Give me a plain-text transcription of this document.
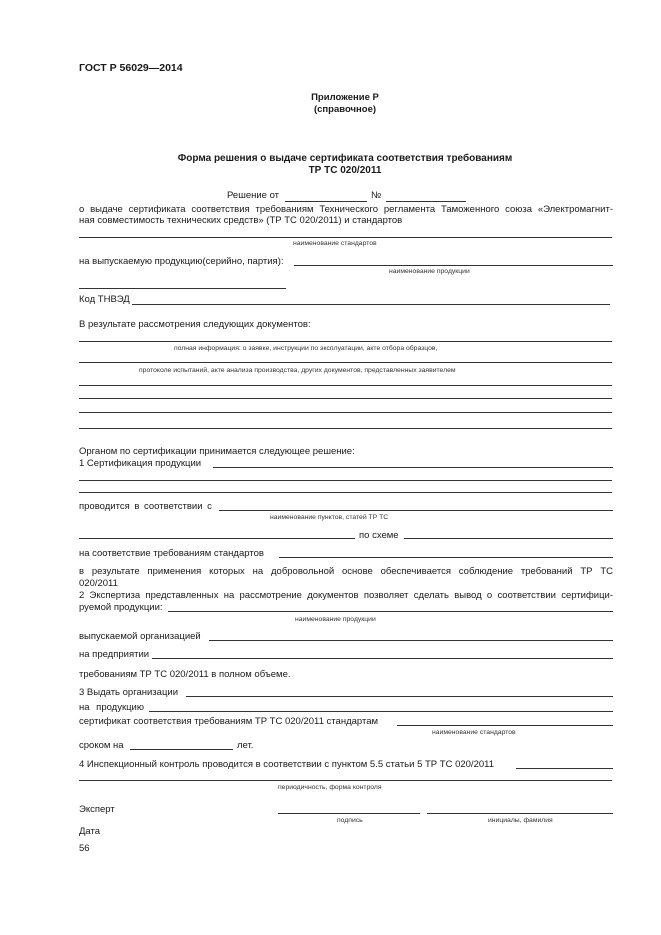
ГОСТ Р 56029—2014
Приложение Р
(справочное)
Форма решения о выдаче сертификата соответствия требованиям
ТР ТС 020/2011
Решение от	№
о выдаче сертификата соответствия требованиям Технического регламента Таможенного союза «Электромагнит-
ная совместимость технических средств» (ТР ТС 020/2011) и стандартов
наименование стандартов
на выпускаемую продукцию(серийно, партия):
наименование продукции
Код ТНВЭД
В результате рассмотрения следующих документов:
полная информация: о заявке, инструкции по эксплуатации, акте отбора образцов,
протоколе испытаний, акте анализа производства, других документов, представленных заявителем
Органом по сертификации принимается следующее решение:
1 Сертификация продукции
проводится в соответствии с
наименование пунктов, статей ТР ТС
по схеме
на соответствие требованиям стандартов
в результате применения которых на добровольной основе обеспечивается соблюдение требований ТР ТС
020/2011
2 Экспертиза представленных на рассмотрение документов позволяет сделать вывод о соответствии сертифици-
руемой продукции:
наименование продукции
выпускаемой организацией
на предприятии
требованиям ТР ТС 020/2011 в полном объеме.
3 Выдать организации
на продукцию
сертификат соответствия требованиям ТР ТС 020/2011 стандартам
наименование стандартов
сроком на	лет.
4 Инспекционный контроль проводится в соответствии с пунктом 5.5 статьи 5 ТР ТС 020/2011
периодичность, форма контроля
Эксперт
подпись	инициалы, фамилия
Дата
56
